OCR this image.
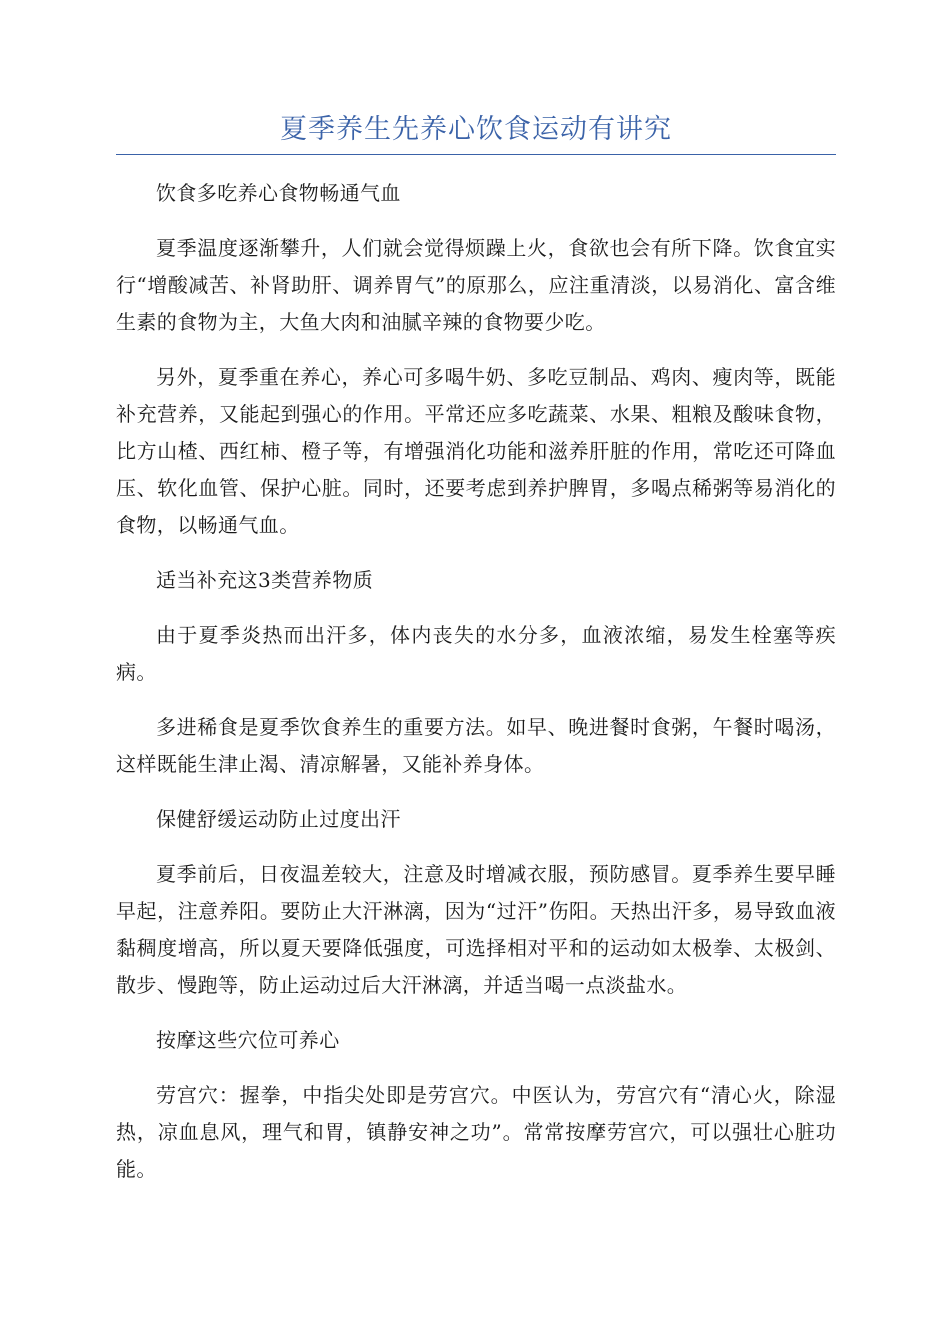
夏季养生先养心饮食运动有讲究

饮食多吃养心食物畅通气血

夏季温度逐渐攀升，人们就会觉得烦躁上火，食欲也会有所下降。饮食宜实行“增酸减苦、补肾助肝、调养胃气”的原那么，应注重清淡，以易消化、富含维生素的食物为主，大鱼大肉和油腻辛辣的食物要少吃。

另外，夏季重在养心，养心可多喝牛奶、多吃豆制品、鸡肉、瘦肉等，既能补充营养，又能起到强心的作用。平常还应多吃蔬菜、水果、粗粮及酸味食物，比方山楂、西红柿、橙子等，有增强消化功能和滋养肝脏的作用，常吃还可降血压、软化血管、保护心脏。同时，还要考虑到养护脾胃，多喝点稀粥等易消化的食物，以畅通气血。

适当补充这3类营养物质

由于夏季炎热而出汗多，体内丧失的水分多，血液浓缩，易发生栓塞等疾病。

多进稀食是夏季饮食养生的重要方法。如早、晚进餐时食粥，午餐时喝汤，这样既能生津止渴、清凉解暑，又能补养身体。

保健舒缓运动防止过度出汗

夏季前后，日夜温差较大，注意及时增减衣服，预防感冒。夏季养生要早睡早起，注意养阳。要防止大汗淋漓，因为“过汗”伤阳。天热出汗多，易导致血液黏稠度增高，所以夏天要降低强度，可选择相对平和的运动如太极拳、太极剑、散步、慢跑等，防止运动过后大汗淋漓，并适当喝一点淡盐水。

按摩这些穴位可养心

劳宫穴：握拳，中指尖处即是劳宫穴。中医认为，劳宫穴有“清心火，除湿热，凉血息风，理气和胃，镇静安神之功”。常常按摩劳宫穴，可以强壮心脏功能。
